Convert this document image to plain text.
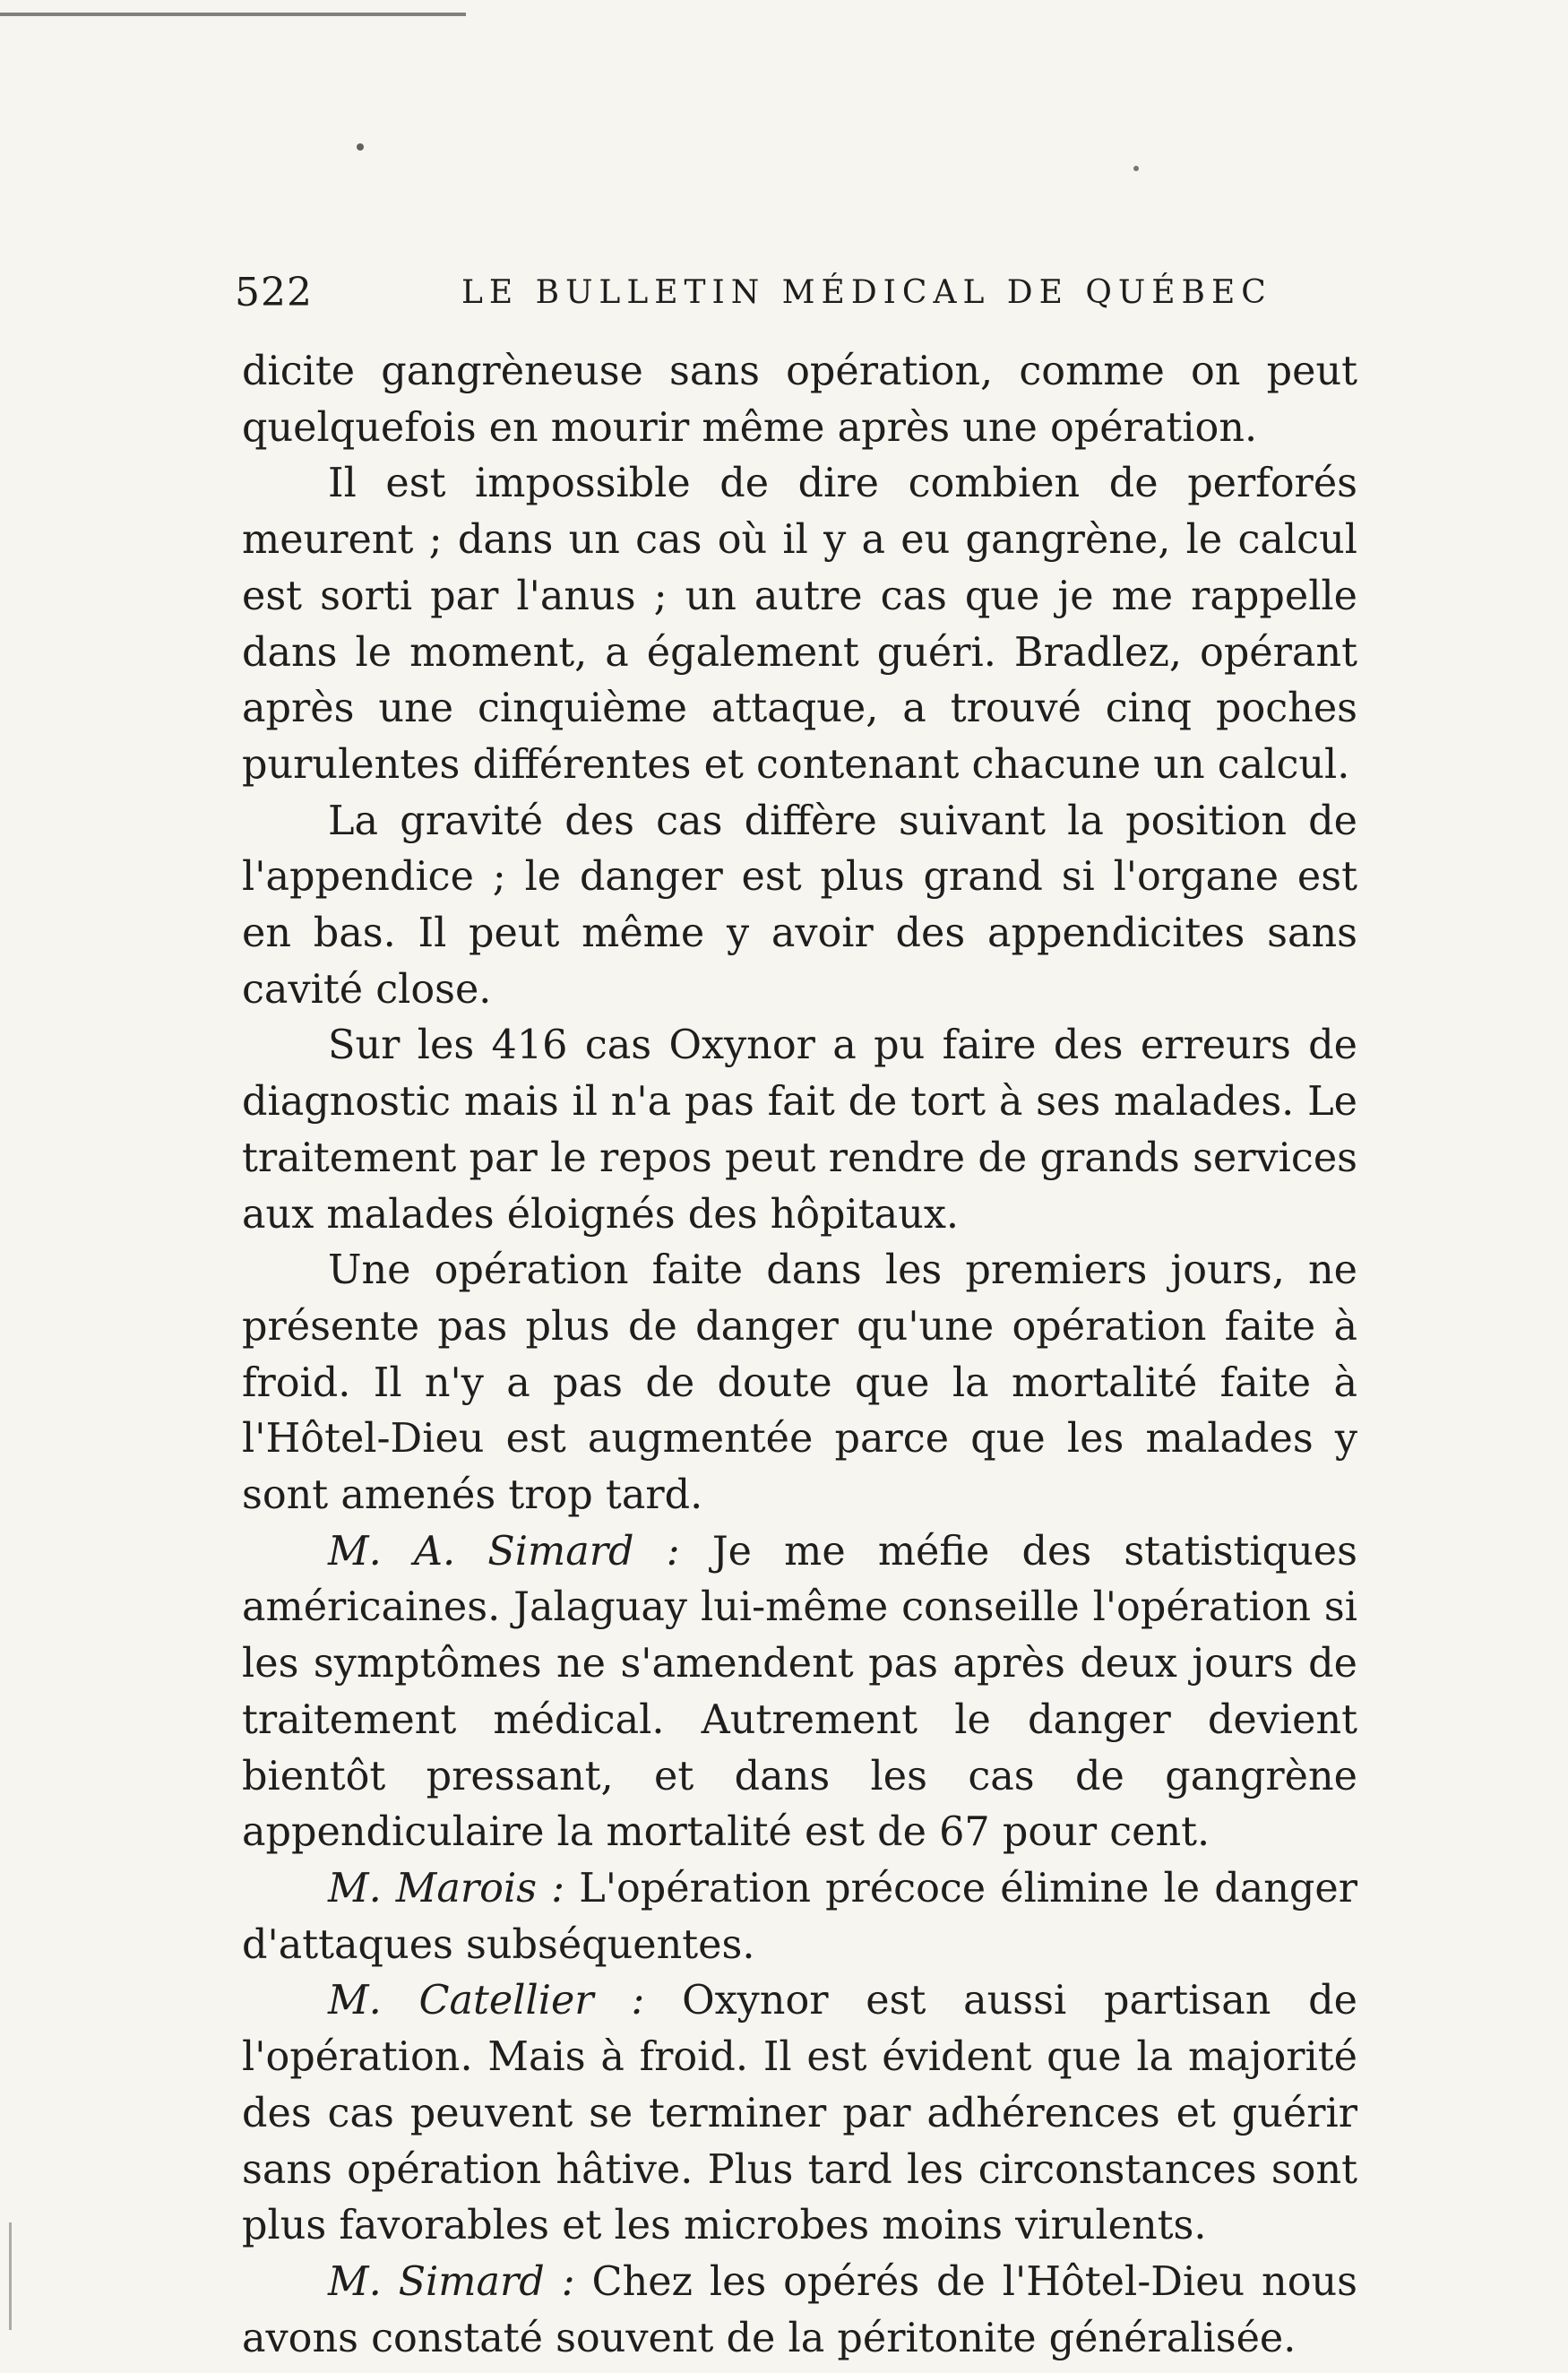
522	LE BULLETIN MÉDICAL DE QUÉBEC

dicite gangrèneuse sans opération, comme on peut quelquefois en mourir même après une opération.

Il est impossible de dire combien de perforés meurent ; dans un cas où il y a eu gangrène, le calcul est sorti par l'anus ; un autre cas que je me rappelle dans le moment, a également guéri. Bradlez, opérant après une cinquième attaque, a trouvé cinq poches purulentes différentes et contenant chacune un calcul.

La gravité des cas diffère suivant la position de l'appendice ; le danger est plus grand si l'organe est en bas. Il peut même y avoir des appendicites sans cavité close.

Sur les 416 cas Oxynor a pu faire des erreurs de diagnostic mais il n'a pas fait de tort à ses malades. Le traitement par le repos peut rendre de grands services aux malades éloignés des hôpitaux.

Une opération faite dans les premiers jours, ne présente pas plus de danger qu'une opération faite à froid. Il n'y a pas de doute que la mortalité faite à l'Hôtel-Dieu est augmentée parce que les malades y sont amenés trop tard.

M. A. Simard : Je me méfie des statistiques américaines. Jalaguay lui-même conseille l'opération si les symptômes ne s'amendent pas après deux jours de traitement médical. Autrement le danger devient bientôt pressant, et dans les cas de gangrène appendiculaire la mortalité est de 67 pour cent.

M. Marois : L'opération précoce élimine le danger d'attaques subséquentes.

M. Catellier : Oxynor est aussi partisan de l'opération. Mais à froid. Il est évident que la majorité des cas peuvent se terminer par adhérences et guérir sans opération hâtive. Plus tard les circonstances sont plus favorables et les microbes moins virulents.

M. Simard : Chez les opérés de l'Hôtel-Dieu nous avons constaté souvent de la péritonite généralisée.
